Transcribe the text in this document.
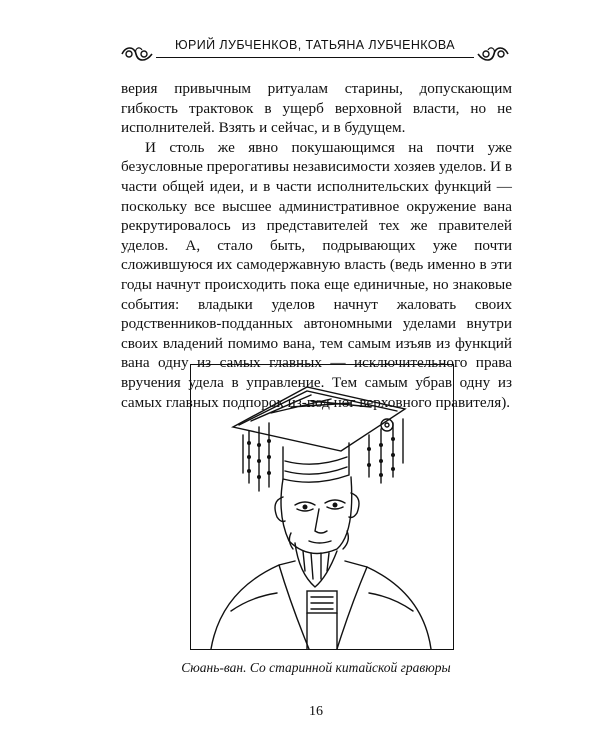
ЮРИЙ ЛУБЧЕНКОВ, ТАТЬЯНА ЛУБЧЕНКОВА

верия привычным ритуалам старины, допускающим гибкость трактовок в ущерб верховной власти, но не исполнителей. Взять и сейчас, и в будущем.

И столь же явно покушающимся на почти уже безусловные прерогативы независимости хозяев уделов. И в части общей идеи, и в части исполнительских функций — поскольку все высшее административное окружение вана рекрутировалось из представителей тех же правителей уделов. А, стало быть, подрывающих уже почти сложившуюся их самодержавную власть (ведь именно в эти годы начнут происходить пока еще единичные, но знаковые события: владыки уделов начнут жаловать своих родственников-подданных автономными уделами внутри своих владений помимо вана, тем самым изъяв из функций вана одну из самых главных — исключительного права вручения удела в управление. Тем самым убрав одну из самых главных подпорок из-под ног верховного правителя).

Сюань-ван. Со старинной китайской гравюры
16
